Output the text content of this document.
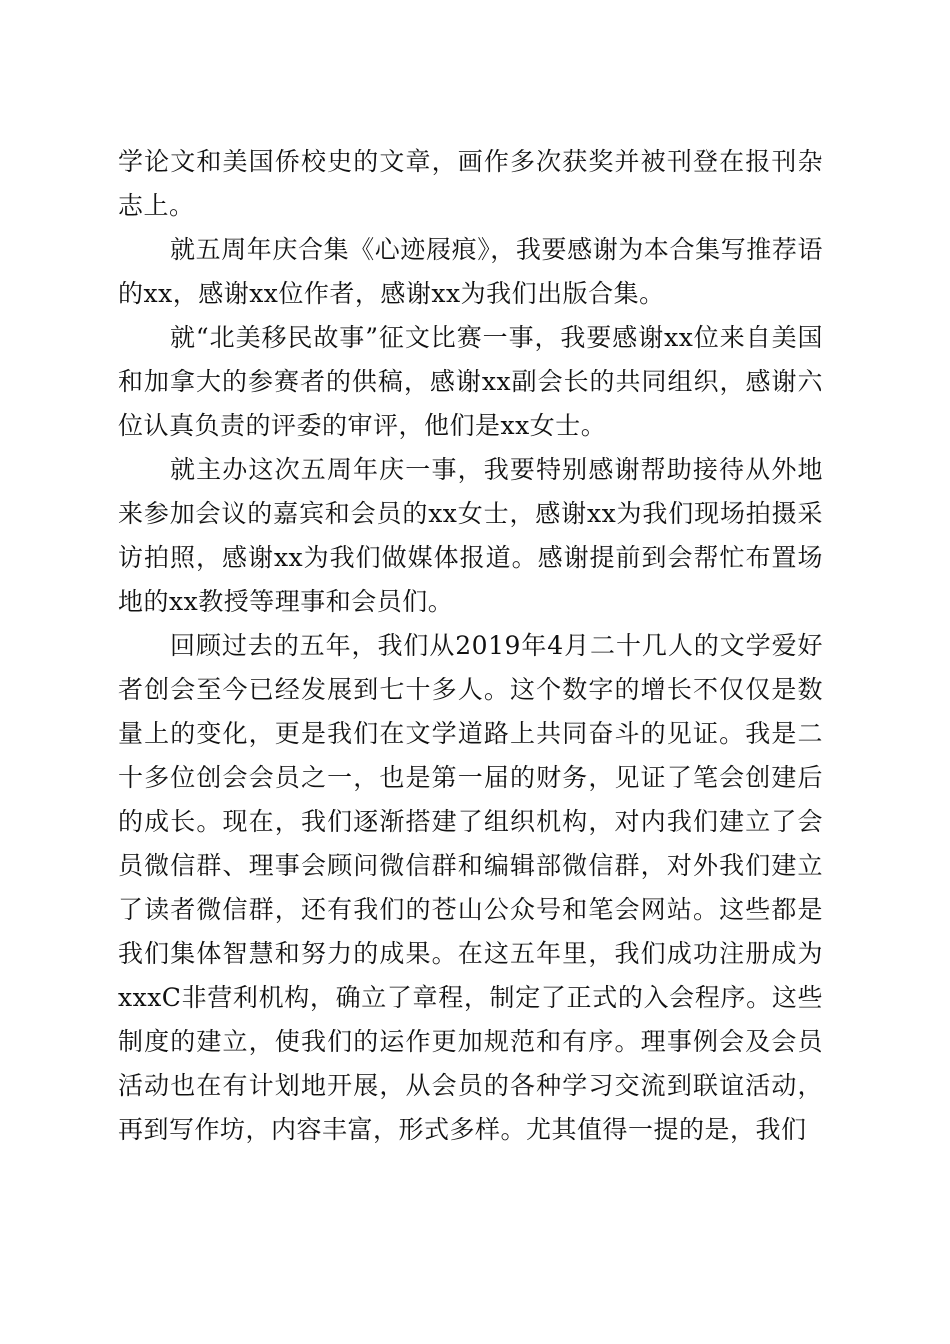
学论文和美国侨校史的文章，画作多次获奖并被刊登在报刊杂志上。

就五周年庆合集《心迹屐痕》，我要感谢为本合集写推荐语的xx，感谢xx位作者，感谢xx为我们出版合集。

就“北美移民故事”征文比赛一事，我要感谢xx位来自美国和加拿大的参赛者的供稿，感谢xx副会长的共同组织，感谢六位认真负责的评委的审评，他们是xx女士。

就主办这次五周年庆一事，我要特别感谢帮助接待从外地来参加会议的嘉宾和会员的xx女士，感谢xx为我们现场拍摄采访拍照，感谢xx为我们做媒体报道。感谢提前到会帮忙布置场地的xx教授等理事和会员们。

回顾过去的五年，我们从2019年4月二十几人的文学爱好者创会至今已经发展到七十多人。这个数字的增长不仅仅是数量上的变化，更是我们在文学道路上共同奋斗的见证。我是二十多位创会会员之一，也是第一届的财务，见证了笔会创建后的成长。现在，我们逐渐搭建了组织机构，对内我们建立了会员微信群、理事会顾问微信群和编辑部微信群，对外我们建立了读者微信群，还有我们的苍山公众号和笔会网站。这些都是我们集体智慧和努力的成果。在这五年里，我们成功注册成为xxxC非营利机构，确立了章程，制定了正式的入会程序。这些制度的建立，使我们的运作更加规范和有序。理事例会及会员活动也在有计划地开展，从会员的各种学习交流到联谊活动，再到写作坊，内容丰富，形式多样。尤其值得一提的是，我们
